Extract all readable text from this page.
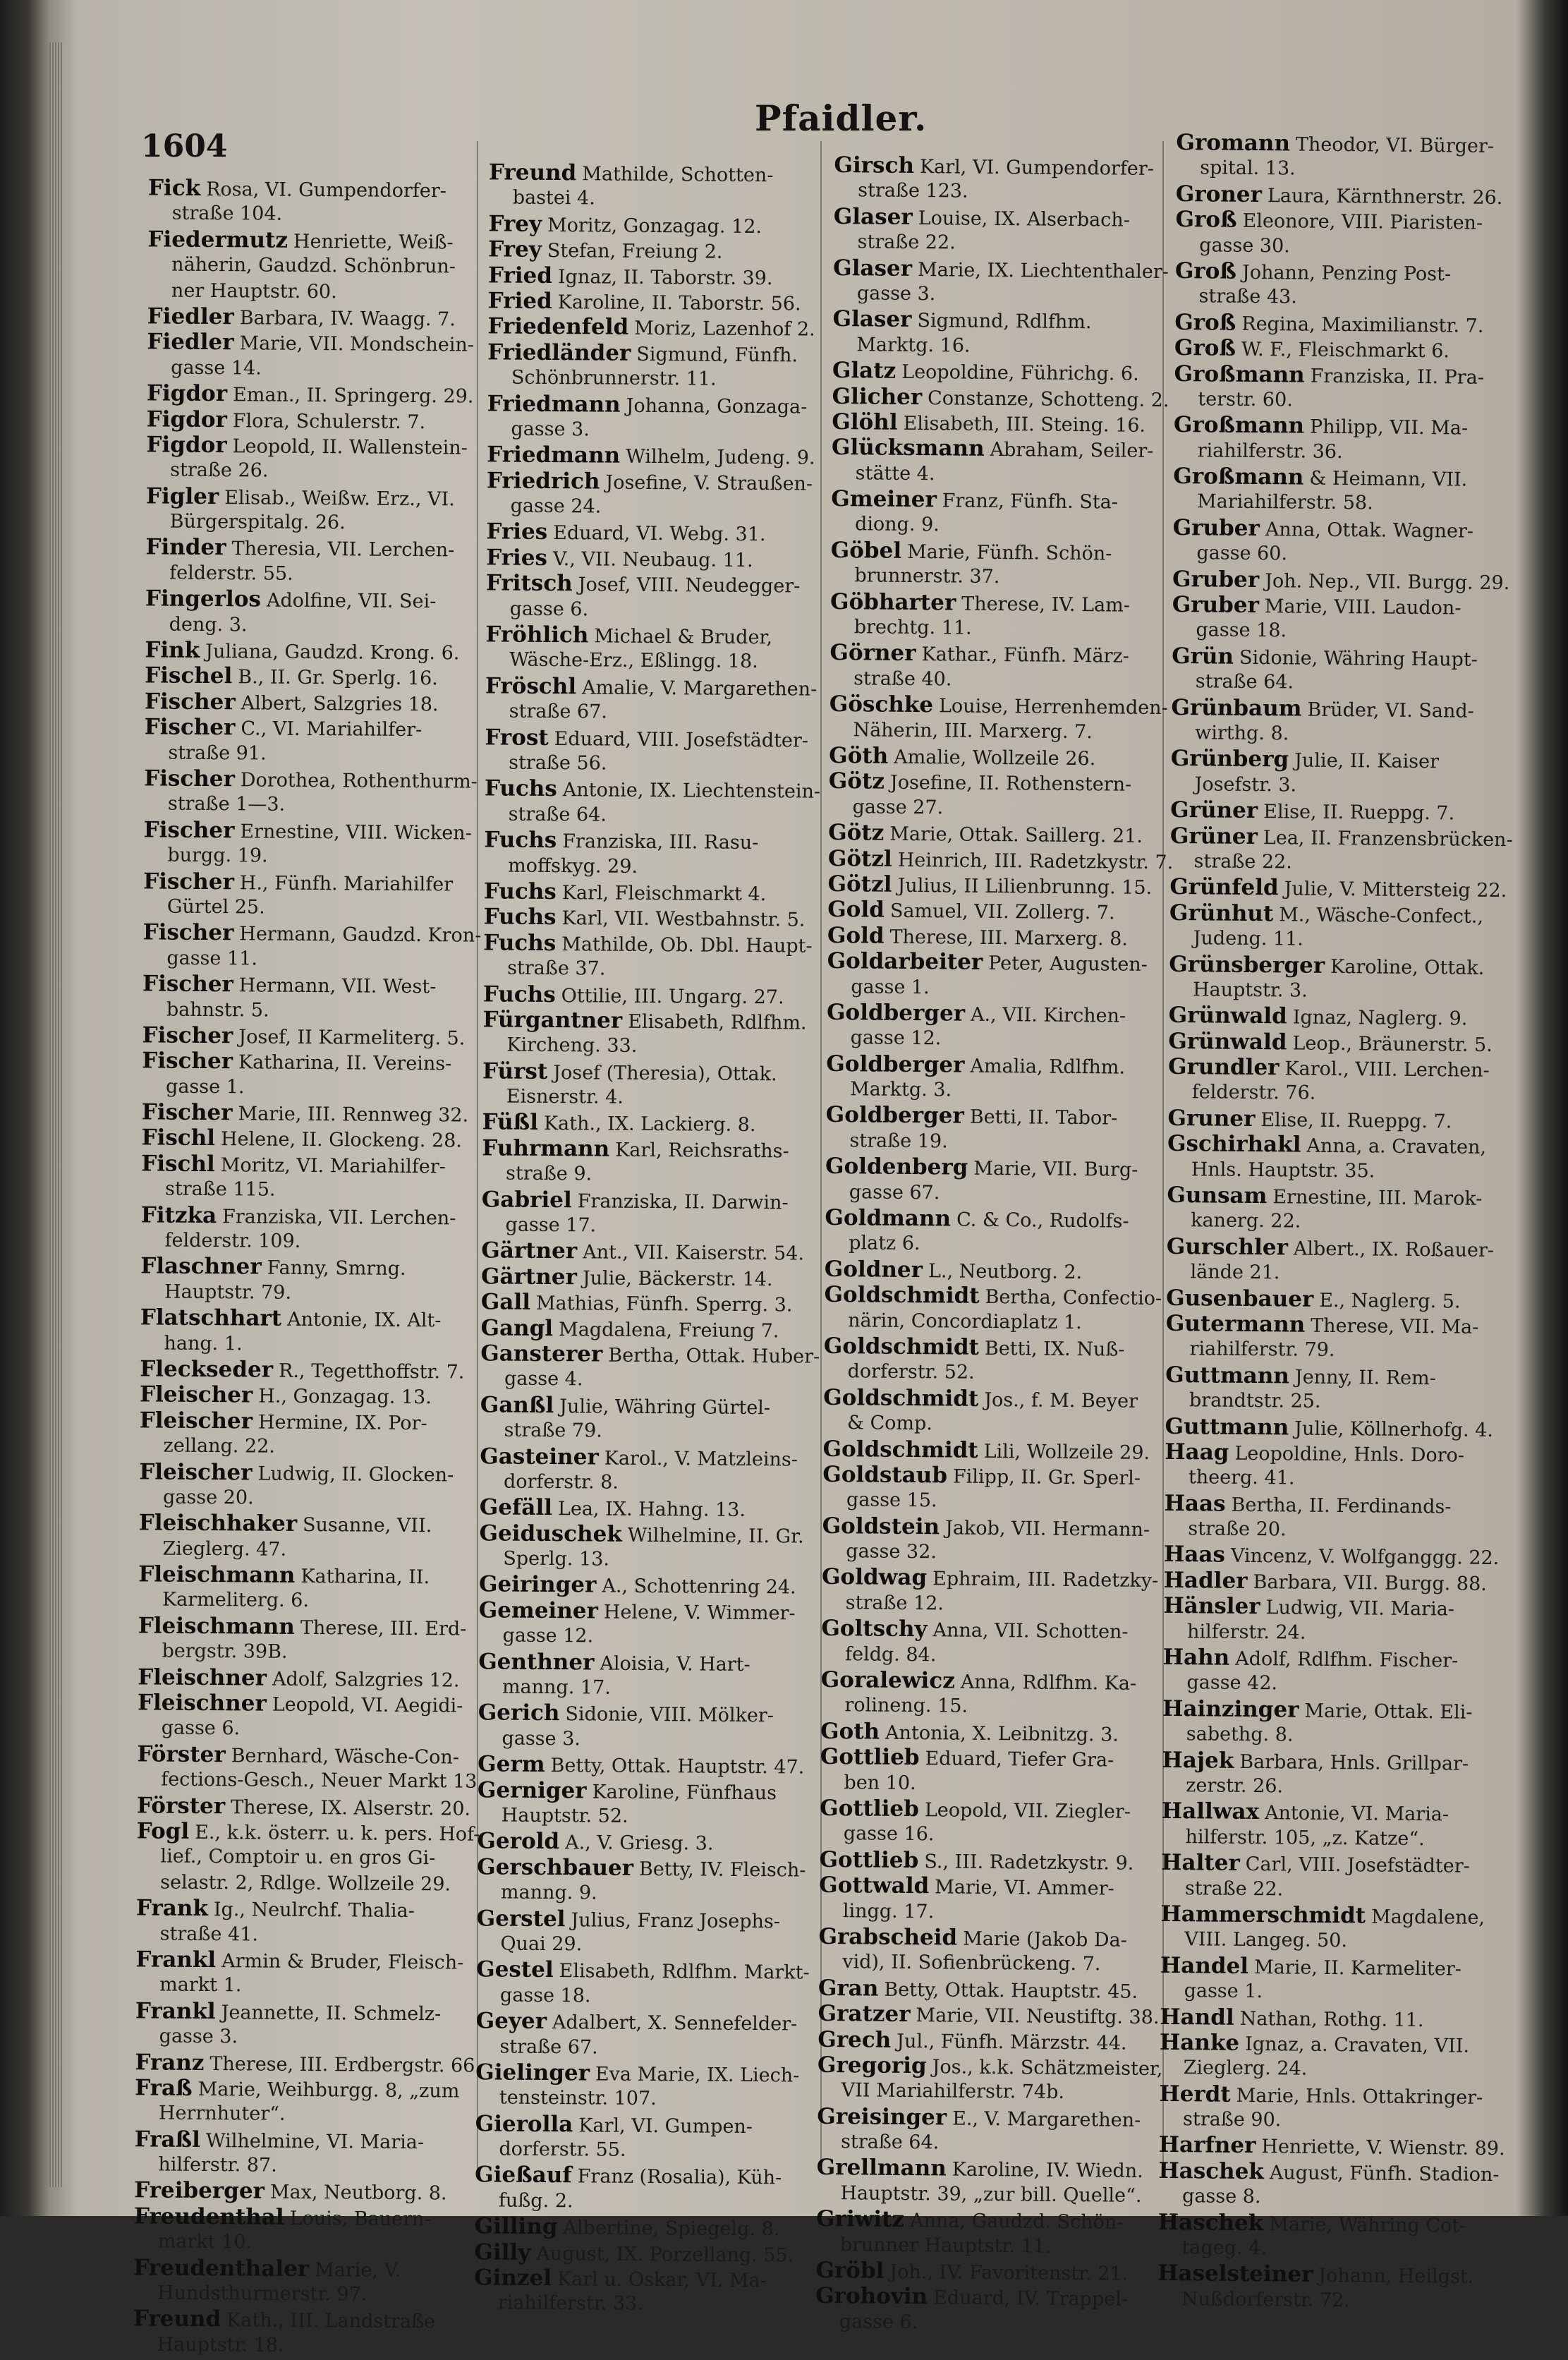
Pfaidler.
1604
Fick Rosa, VI. Gumpendorfer-
straße 104.
Fiedermutz Henriette, Weiß-
näherin, Gaudzd. Schönbrun-
ner Hauptstr. 60.
Fiedler Barbara, IV. Waagg. 7.
Fiedler Marie, VII. Mondschein-
gasse 14.
Figdor Eman., II. Springerg. 29.
Figdor Flora, Schulerstr. 7.
Figdor Leopold, II. Wallenstein-
straße 26.
Figler Elisab., Weißw. Erz., VI.
Bürgerspitalg. 26.
Finder Theresia, VII. Lerchen-
felderstr. 55.
Fingerlos Adolfine, VII. Sei-
deng. 3.
Fink Juliana, Gaudzd. Krong. 6.
Fischel B., II. Gr. Sperlg. 16.
Fischer Albert, Salzgries 18.
Fischer C., VI. Mariahilfer-
straße 91.
Fischer Dorothea, Rothenthurm-
straße 1—3.
Fischer Ernestine, VIII. Wicken-
burgg. 19.
Fischer H., Fünfh. Mariahilfer
Gürtel 25.
Fischer Hermann, Gaudzd. Kron-
gasse 11.
Fischer Hermann, VII. West-
bahnstr. 5.
Fischer Josef, II Karmeliterg. 5.
Fischer Katharina, II. Vereins-
gasse 1.
Fischer Marie, III. Rennweg 32.
Fischl Helene, II. Glockeng. 28.
Fischl Moritz, VI. Mariahilfer-
straße 115.
Fitzka Franziska, VII. Lerchen-
felderstr. 109.
Flaschner Fanny, Smrng.
Hauptstr. 79.
Flatschhart Antonie, IX. Alt-
hang. 1.
Fleckseder R., Tegetthoffstr. 7.
Fleischer H., Gonzagag. 13.
Fleischer Hermine, IX. Por-
zellang. 22.
Fleischer Ludwig, II. Glocken-
gasse 20.
Fleischhaker Susanne, VII.
Zieglerg. 47.
Fleischmann Katharina, II.
Karmeliterg. 6.
Fleischmann Therese, III. Erd-
bergstr. 39B.
Fleischner Adolf, Salzgries 12.
Fleischner Leopold, VI. Aegidi-
gasse 6.
Förster Bernhard, Wäsche-Con-
fections-Gesch., Neuer Markt 13.
Förster Therese, IX. Alserstr. 20.
Fogl E., k.k. österr. u. k. pers. Hof-
lief., Comptoir u. en gros Gi-
selastr. 2, Rdlge. Wollzeile 29.
Frank Ig., Neulrchf. Thalia-
straße 41.
Frankl Armin & Bruder, Fleisch-
markt 1.
Frankl Jeannette, II. Schmelz-
gasse 3.
Franz Therese, III. Erdbergstr. 66.
Fraß Marie, Weihburgg. 8, „zum
Herrnhuter“.
Fraßl Wilhelmine, VI. Maria-
hilferstr. 87.
Freiberger Max, Neutborg. 8.
Freudenthal Louis, Bauern-
markt 10.
Freudenthaler Marie, V.
Hundsthurmerstr. 97.
Freund Kath., III. Landstraße
Hauptstr. 18.
Freund Mathilde, Schotten-
bastei 4.
Frey Moritz, Gonzagag. 12.
Frey Stefan, Freiung 2.
Fried Ignaz, II. Taborstr. 39.
Fried Karoline, II. Taborstr. 56.
Friedenfeld Moriz, Lazenhof 2.
Friedländer Sigmund, Fünfh.
Schönbrunnerstr. 11.
Friedmann Johanna, Gonzaga-
gasse 3.
Friedmann Wilhelm, Judeng. 9.
Friedrich Josefine, V. Straußen-
gasse 24.
Fries Eduard, VI. Webg. 31.
Fries V., VII. Neubaug. 11.
Fritsch Josef, VIII. Neudegger-
gasse 6.
Fröhlich Michael & Bruder,
Wäsche-Erz., Eßlingg. 18.
Fröschl Amalie, V. Margarethen-
straße 67.
Frost Eduard, VIII. Josefstädter-
straße 56.
Fuchs Antonie, IX. Liechtenstein-
straße 64.
Fuchs Franziska, III. Rasu-
moffskyg. 29.
Fuchs Karl, Fleischmarkt 4.
Fuchs Karl, VII. Westbahnstr. 5.
Fuchs Mathilde, Ob. Dbl. Haupt-
straße 37.
Fuchs Ottilie, III. Ungarg. 27.
Fürgantner Elisabeth, Rdlfhm.
Kircheng. 33.
Fürst Josef (Theresia), Ottak.
Eisnerstr. 4.
Füßl Kath., IX. Lackierg. 8.
Fuhrmann Karl, Reichsraths-
straße 9.
Gabriel Franziska, II. Darwin-
gasse 17.
Gärtner Ant., VII. Kaiserstr. 54.
Gärtner Julie, Bäckerstr. 14.
Gall Mathias, Fünfh. Sperrg. 3.
Gangl Magdalena, Freiung 7.
Gansterer Bertha, Ottak. Huber-
gasse 4.
Ganßl Julie, Währing Gürtel-
straße 79.
Gasteiner Karol., V. Matzleins-
dorferstr. 8.
Gefäll Lea, IX. Hahng. 13.
Geiduschek Wilhelmine, II. Gr.
Sperlg. 13.
Geiringer A., Schottenring 24.
Gemeiner Helene, V. Wimmer-
gasse 12.
Genthner Aloisia, V. Hart-
manng. 17.
Gerich Sidonie, VIII. Mölker-
gasse 3.
Germ Betty, Ottak. Hauptstr. 47.
Gerniger Karoline, Fünfhaus
Hauptstr. 52.
Gerold A., V. Griesg. 3.
Gerschbauer Betty, IV. Fleisch-
manng. 9.
Gerstel Julius, Franz Josephs-
Quai 29.
Gestel Elisabeth, Rdlfhm. Markt-
gasse 18.
Geyer Adalbert, X. Sennefelder-
straße 67.
Gielinger Eva Marie, IX. Liech-
tensteinstr. 107.
Gierolla Karl, VI. Gumpen-
dorferstr. 55.
Gießauf Franz (Rosalia), Küh-
fußg. 2.
Gilling Albertine, Spiegelg. 8.
Gilly August, IX. Porzellang. 55.
Ginzel Karl u. Oskar, VI. Ma-
riahilferstr. 33.
Girsch Karl, VI. Gumpendorfer-
straße 123.
Glaser Louise, IX. Alserbach-
straße 22.
Glaser Marie, IX. Liechtenthaler-
gasse 3.
Glaser Sigmund, Rdlfhm.
Marktg. 16.
Glatz Leopoldine, Führichg. 6.
Glicher Constanze, Schotteng. 2.
Glöhl Elisabeth, III. Steing. 16.
Glücksmann Abraham, Seiler-
stätte 4.
Gmeiner Franz, Fünfh. Sta-
diong. 9.
Göbel Marie, Fünfh. Schön-
brunnerstr. 37.
Göbharter Therese, IV. Lam-
brechtg. 11.
Görner Kathar., Fünfh. März-
straße 40.
Göschke Louise, Herrenhemden-
Näherin, III. Marxerg. 7.
Göth Amalie, Wollzeile 26.
Götz Josefine, II. Rothenstern-
gasse 27.
Götz Marie, Ottak. Saillerg. 21.
Götzl Heinrich, III. Radetzkystr. 7.
Götzl Julius, II Lilienbrunng. 15.
Gold Samuel, VII. Zollerg. 7.
Gold Therese, III. Marxerg. 8.
Goldarbeiter Peter, Augusten-
gasse 1.
Goldberger A., VII. Kirchen-
gasse 12.
Goldberger Amalia, Rdlfhm.
Marktg. 3.
Goldberger Betti, II. Tabor-
straße 19.
Goldenberg Marie, VII. Burg-
gasse 67.
Goldmann C. & Co., Rudolfs-
platz 6.
Goldner L., Neutborg. 2.
Goldschmidt Bertha, Confectio-
närin, Concordiaplatz 1.
Goldschmidt Betti, IX. Nuß-
dorferstr. 52.
Goldschmidt Jos., f. M. Beyer
& Comp.
Goldschmidt Lili, Wollzeile 29.
Goldstaub Filipp, II. Gr. Sperl-
gasse 15.
Goldstein Jakob, VII. Hermann-
gasse 32.
Goldwag Ephraim, III. Radetzky-
straße 12.
Goltschy Anna, VII. Schotten-
feldg. 84.
Goralewicz Anna, Rdlfhm. Ka-
rolineng. 15.
Goth Antonia, X. Leibnitzg. 3.
Gottlieb Eduard, Tiefer Gra-
ben 10.
Gottlieb Leopold, VII. Ziegler-
gasse 16.
Gottlieb S., III. Radetzkystr. 9.
Gottwald Marie, VI. Ammer-
lingg. 17.
Grabscheid Marie (Jakob Da-
vid), II. Sofienbrückeng. 7.
Gran Betty, Ottak. Hauptstr. 45.
Gratzer Marie, VII. Neustiftg. 38.
Grech Jul., Fünfh. Märzstr. 44.
Gregorig Jos., k.k. Schätzmeister,
VII Mariahilferstr. 74b.
Greisinger E., V. Margarethen-
straße 64.
Grellmann Karoline, IV. Wiedn.
Hauptstr. 39, „zur bill. Quelle“.
Griwitz Anna, Gaudzd. Schön-
brunner Hauptstr. 11.
Gröbl Joh., IV. Favoritenstr. 21.
Grohovin Eduard, IV. Trappel-
gasse 6.
Gromann Theodor, VI. Bürger-
spital. 13.
Groner Laura, Kärnthnerstr. 26.
Groß Eleonore, VIII. Piaristen-
gasse 30.
Groß Johann, Penzing Post-
straße 43.
Groß Regina, Maximilianstr. 7.
Groß W. F., Fleischmarkt 6.
Großmann Franziska, II. Pra-
terstr. 60.
Großmann Philipp, VII. Ma-
riahilferstr. 36.
Großmann & Heimann, VII.
Mariahilferstr. 58.
Gruber Anna, Ottak. Wagner-
gasse 60.
Gruber Joh. Nep., VII. Burgg. 29.
Gruber Marie, VIII. Laudon-
gasse 18.
Grün Sidonie, Währing Haupt-
straße 64.
Grünbaum Brüder, VI. Sand-
wirthg. 8.
Grünberg Julie, II. Kaiser
Josefstr. 3.
Grüner Elise, II. Rueppg. 7.
Grüner Lea, II. Franzensbrücken-
straße 22.
Grünfeld Julie, V. Mittersteig 22.
Grünhut M., Wäsche-Confect.,
Judeng. 11.
Grünsberger Karoline, Ottak.
Hauptstr. 3.
Grünwald Ignaz, Naglerg. 9.
Grünwald Leop., Bräunerstr. 5.
Grundler Karol., VIII. Lerchen-
felderstr. 76.
Gruner Elise, II. Rueppg. 7.
Gschirhakl Anna, a. Cravaten,
Hnls. Hauptstr. 35.
Gunsam Ernestine, III. Marok-
kanerg. 22.
Gurschler Albert., IX. Roßauer-
lände 21.
Gusenbauer E., Naglerg. 5.
Gutermann Therese, VII. Ma-
riahilferstr. 79.
Guttmann Jenny, II. Rem-
brandtstr. 25.
Guttmann Julie, Köllnerhofg. 4.
Haag Leopoldine, Hnls. Doro-
theerg. 41.
Haas Bertha, II. Ferdinands-
straße 20.
Haas Vincenz, V. Wolfganggg. 22.
Hadler Barbara, VII. Burgg. 88.
Hänsler Ludwig, VII. Maria-
hilferstr. 24.
Hahn Adolf, Rdlfhm. Fischer-
gasse 42.
Hainzinger Marie, Ottak. Eli-
sabethg. 8.
Hajek Barbara, Hnls. Grillpar-
zerstr. 26.
Hallwax Antonie, VI. Maria-
hilferstr. 105, „z. Katze“.
Halter Carl, VIII. Josefstädter-
straße 22.
Hammerschmidt Magdalene,
VIII. Langeg. 50.
Handel Marie, II. Karmeliter-
gasse 1.
Handl Nathan, Rothg. 11.
Hanke Ignaz, a. Cravaten, VII.
Zieglerg. 24.
Herdt Marie, Hnls. Ottakringer-
straße 90.
Harfner Henriette, V. Wienstr. 89.
Haschek August, Fünfh. Stadion-
gasse 8.
Haschek Marie, Währing Cot-
tageg. 4.
Haselsteiner Johann, Heilgst.
Nußdorferstr. 72.
